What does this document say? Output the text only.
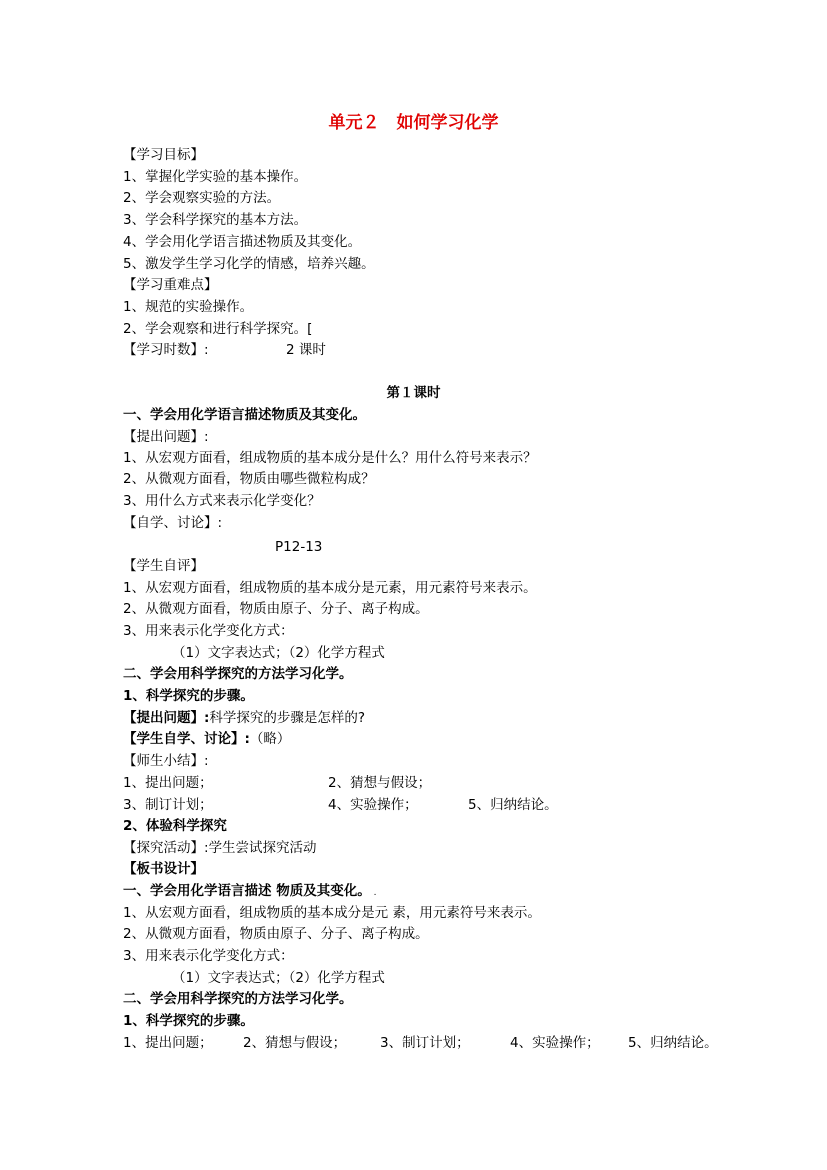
单元２　如何学习化学
【学习目标】
1、掌握化学实验的基本操作。
2、学会观察实验的方法。
3、学会科学探究的基本方法。
4、学会用化学语言描述物质及其变化。
5、激发学生学习化学的情感，培养兴趣。
【学习重难点】
1、规范的实验操作。
2、学会观察和进行科学探究。[
【学习时数】:	2 课时
第１课时
一、学会用化学语言描述物质及其变化。
【提出问题】:
1、从宏观方面看，组成物质的基本成分是什么？用什么符号来表示？
2、从微观方面看，物质由哪些微粒构成？
3、用什么方式来表示化学变化？
【自学、讨论】:
P12-13
【学生自评】
1、从宏观方面看，组成物质的基本成分是元素，用元素符号来表示。
2、从微观方面看，物质由原子、分子、离子构成。
3、用来表示化学变化方式：
（1）文字表达式；（2）化学方程式
二、学会用科学探究的方法学习化学。
1、科学探究的步骤。
【提出问题】:科学探究的步骤是怎样的?
【学生自学、讨论】:（略）
【师生小结】:
1、提出问题；	2、猜想与假设；
3、制订计划；	4、实验操作；	5、归纳结论。
2、体验科学探究
【探究活动】:学生尝试探究活动
【板书设计】
一、学会用化学语言描述 物质及其变化。 .
1、从宏观方面看，组成物质的基本成分是元 素，用元素符号来表示。
2、从微观方面看，物质由原子、分子、离子构成。
3、用来表示化学变化方式：
（1）文字表达式；（2）化学方程式
二、学会用科学探究的方法学习化学。
1、科学探究的步骤。
1、提出问题； 2、猜想与假设；	3、制订计划；	4、实验操作； 5、归纳结论。
